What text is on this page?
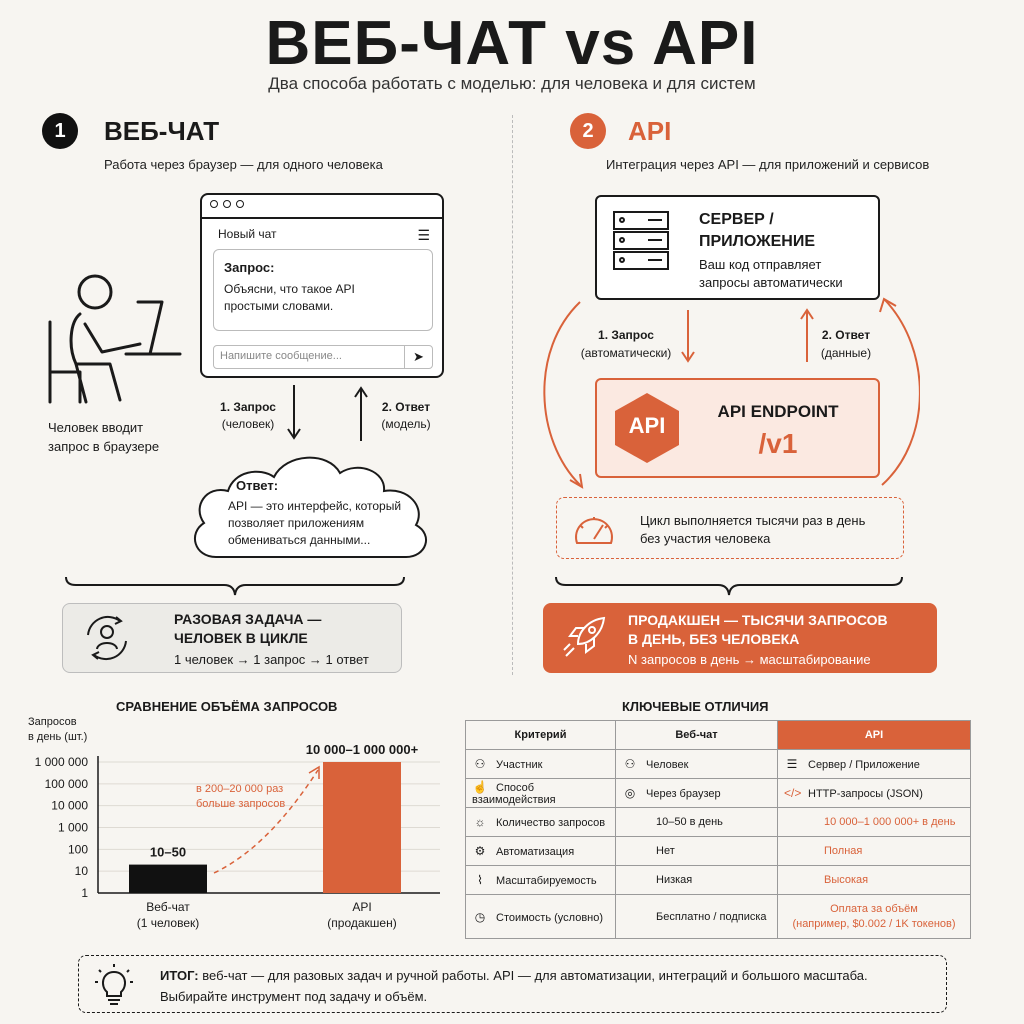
ВЕБ-ЧАТ vs API
Два способа работать с моделью: для человека и для систем
1	ВЕБ-ЧАТ
Работа через браузер — для одного человека
Человек вводит
запрос в браузере
Новый чат	☰
Запрос:
Объясни, что такое API
простыми словами.
Напишите сообщение...	➤
1. Запрос
(человек)
2. Ответ
(модель)
Ответ:
API — это интерфейс, который
позволяет приложениям
обмениваться данными...
РАЗОВАЯ ЗАДАЧА —
ЧЕЛОВЕК В ЦИКЛЕ
1 человек → 1 запрос → 1 ответ
2	API
Интеграция через API — для приложений и сервисов
СЕРВЕР /
ПРИЛОЖЕНИЕ
Ваш код отправляет
запросы автоматически
1. Запрос
(автоматически)
2. Ответ
(данные)
API
API ENDPOINT
/v1
Цикл выполняется тысячи раз в день
без участия человека
ПРОДАКШЕН — ТЫСЯЧИ ЗАПРОСОВ
В ДЕНЬ, БЕЗ ЧЕЛОВЕКА
N запросов в день → масштабирование
СРАВНЕНИЕ ОБЪЁМА ЗАПРОСОВ
Запросов
в день (шт.)
1 000 000
100 000
10 000
1 000
100
10
1
10–50
Веб-чат
(1 человек)
10 000–1 000 000+
API
(продакшен)
в 200–20 000 раз
больше запросов
КЛЮЧЕВЫЕ ОТЛИЧИЯ
Критерий	Веб-чат	API
⚇ Участник	⚇ Человек	☰ Сервер / Приложение
☝ Способ взаимодействия	◎ Через браузер	</> HTTP-запросы (JSON)
☼ Количество запросов	10–50 в день	10 000–1 000 000+ в день
⚙ Автоматизация	Нет	Полная
⌇ Масштабируемость	Низкая	Высокая
◷ Стоимость (условно)	Бесплатно / подписка	Оплата за объём
(например, $0.002 / 1K токенов)
ИТОГ: веб-чат — для разовых задач и ручной работы. API — для автоматизации, интеграций и большого масштаба.
Выбирайте инструмент под задачу и объём.
